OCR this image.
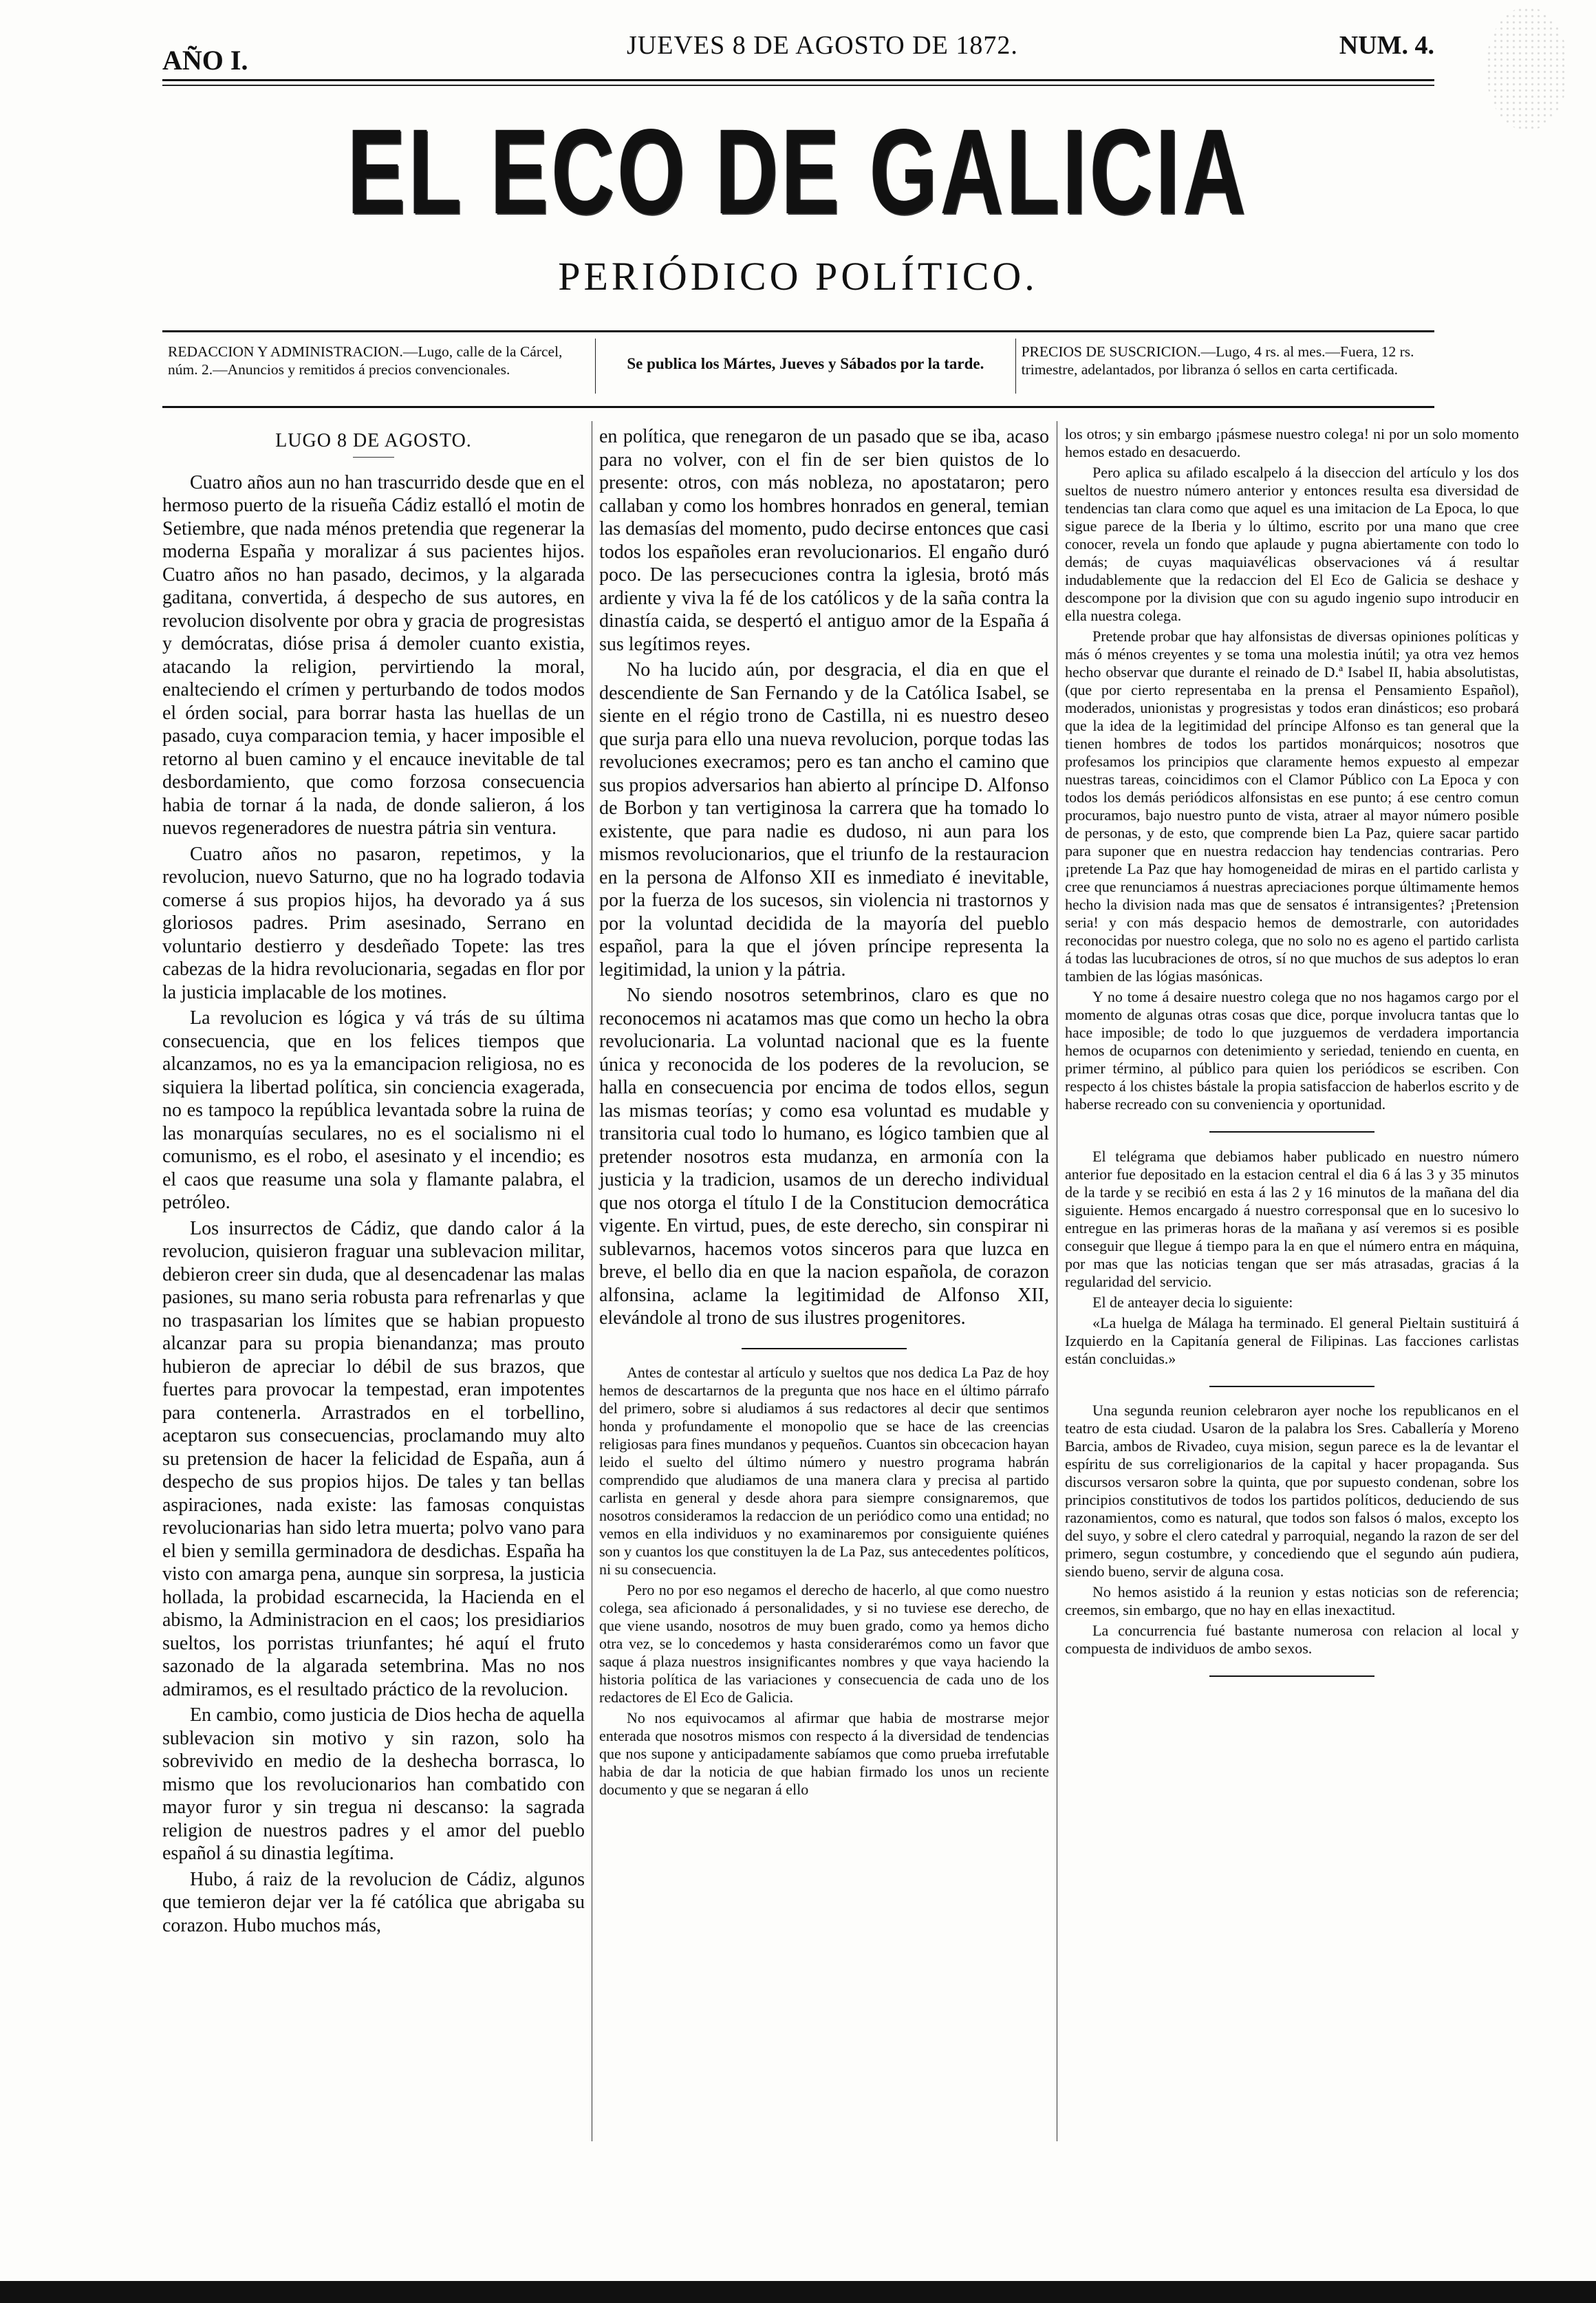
AÑO I.	JUEVES 8 DE AGOSTO DE 1872.	NUM. 4.
EL ECO DE GALICIA
PERIÓDICO POLÍTICO.
REDACCION Y ADMINISTRACION.—Lugo, calle de la Cárcel, núm. 2.—Anuncios y remitidos á precios convencionales.	Se publica los Mártes, Jueves y Sábados por la tarde.
PRECIOS DE SUSCRICION.—Lugo, 4 rs. al mes.—Fuera, 12 rs. trimestre, adelantados, por libranza ó sellos en carta certificada.
LUGO 8 DE AGOSTO.

Cuatro años aun no han trascurrido desde que en el hermoso puerto de la risueña Cádiz estalló el motin de Setiembre, que nada ménos pretendia que regenerar la moderna España y moralizar á sus pacientes hijos. Cuatro años no han pasado, decimos, y la algarada gaditana, convertida, á despecho de sus autores, en revolucion disolvente por obra y gracia de progresistas y demócratas, dióse prisa á demoler cuanto existia, atacando la religion, pervirtiendo la moral, enalteciendo el crímen y perturbando de todos modos el órden social, para borrar hasta las huellas de un pasado, cuya comparacion temia, y hacer imposible el retorno al buen camino y el encauce inevitable de tal desbordamiento, que como forzosa consecuencia habia de tornar á la nada, de donde salieron, á los nuevos regeneradores de nuestra pátria sin ventura.

Cuatro años no pasaron, repetimos, y la revolucion, nuevo Saturno, que no ha logrado todavia comerse á sus propios hijos, ha devorado ya á sus gloriosos padres. Prim asesinado, Serrano en voluntario destierro y desdeñado Topete: las tres cabezas de la hidra revolucionaria, segadas en flor por la justicia implacable de los motines.

La revolucion es lógica y vá trás de su última consecuencia, que en los felices tiempos que alcanzamos, no es ya la emancipacion religiosa, no es siquiera la libertad política, sin conciencia exagerada, no es tampoco la república levantada sobre la ruina de las monarquías seculares, no es el socialismo ni el comunismo, es el robo, el asesinato y el incendio; es el caos que reasume una sola y flamante palabra, el petróleo.

Los insurrectos de Cádiz, que dando calor á la revolucion, quisieron fraguar una sublevacion militar, debieron creer sin duda, que al desencadenar las malas pasiones, su mano seria robusta para refrenarlas y que no traspasarian los límites que se habian propuesto alcanzar para su propia bienandanza; mas prouto hubieron de apreciar lo débil de sus brazos, que fuertes para provocar la tempestad, eran impotentes para contenerla. Arrastrados en el torbellino, aceptaron sus consecuencias, proclamando muy alto su pretension de hacer la felicidad de España, aun á despecho de sus propios hijos. De tales y tan bellas aspiraciones, nada existe: las famosas conquistas revolucionarias han sido letra muerta; polvo vano para el bien y semilla germinadora de desdichas. España ha visto con amarga pena, aunque sin sorpresa, la justicia hollada, la probidad escarnecida, la Hacienda en el abismo, la Administracion en el caos; los presidiarios sueltos, los porristas triunfantes; hé aquí el fruto sazonado de la algarada setembrina. Mas no nos admiramos, es el resultado práctico de la revolucion.

En cambio, como justicia de Dios hecha de aquella sublevacion sin motivo y sin razon, solo ha sobrevivido en medio de la deshecha borrasca, lo mismo que los revolucionarios han combatido con mayor furor y sin tregua ni descanso: la sagrada religion de nuestros padres y el amor del pueblo español á su dinastia legítima.

Hubo, á raiz de la revolucion de Cádiz, algunos que temieron dejar ver la fé católica que abrigaba su corazon. Hubo muchos más,

en política, que renegaron de un pasado que se iba, acaso para no volver, con el fin de ser bien quistos de lo presente: otros, con más nobleza, no apostataron; pero callaban y como los hombres honrados en general, temian las demasías del momento, pudo decirse entonces que casi todos los españoles eran revolucionarios. El engaño duró poco. De las persecuciones contra la iglesia, brotó más ardiente y viva la fé de los católicos y de la saña contra la dinastía caida, se despertó el antiguo amor de la España á sus legítimos reyes.

No ha lucido aún, por desgracia, el dia en que el descendiente de San Fernando y de la Católica Isabel, se siente en el régio trono de Castilla, ni es nuestro deseo que surja para ello una nueva revolucion, porque todas las revoluciones execramos; pero es tan ancho el camino que sus propios adversarios han abierto al príncipe D. Alfonso de Borbon y tan vertiginosa la carrera que ha tomado lo existente, que para nadie es dudoso, ni aun para los mismos revolucionarios, que el triunfo de la restauracion en la persona de Alfonso XII es inmediato é inevitable, por la fuerza de los sucesos, sin violencia ni trastornos y por la voluntad decidida de la mayoría del pueblo español, para la que el jóven príncipe representa la legitimidad, la union y la pátria.

No siendo nosotros setembrinos, claro es que no reconocemos ni acatamos mas que como un hecho la obra revolucionaria. La voluntad nacional que es la fuente única y reconocida de los poderes de la revolucion, se halla en consecuencia por encima de todos ellos, segun las mismas teorías; y como esa voluntad es mudable y transitoria cual todo lo humano, es lógico tambien que al pretender nosotros esta mudanza, en armonía con la justicia y la tradicion, usamos de un derecho individual que nos otorga el título I de la Constitucion democrática vigente. En virtud, pues, de este derecho, sin conspirar ni sublevarnos, hacemos votos sinceros para que luzca en breve, el bello dia en que la nacion española, de corazon alfonsina, aclame la legitimidad de Alfonso XII, elevándole al trono de sus ilustres progenitores.

Antes de contestar al artículo y sueltos que nos dedica La Paz de hoy hemos de descartarnos de la pregunta que nos hace en el último párrafo del primero, sobre si aludiamos á sus redactores al decir que sentimos honda y profundamente el monopolio que se hace de las creencias religiosas para fines mundanos y pequeños. Cuantos sin obcecacion hayan leido el suelto del último número y nuestro programa habrán comprendido que aludiamos de una manera clara y precisa al partido carlista en general y desde ahora para siempre consignaremos, que nosotros consideramos la redaccion de un periódico como una entidad; no vemos en ella individuos y no examinaremos por consiguiente quiénes son y cuantos los que constituyen la de La Paz, sus antecedentes políticos, ni su consecuencia.

Pero no por eso negamos el derecho de hacerlo, al que como nuestro colega, sea aficionado á personalidades, y si no tuviese ese derecho, de que viene usando, nosotros de muy buen grado, como ya hemos dicho otra vez, se lo concedemos y hasta considerarémos como un favor que saque á plaza nuestros insignificantes nombres y que vaya haciendo la historia política de las variaciones y consecuencia de cada uno de los redactores de El Eco de Galicia.

No nos equivocamos al afirmar que habia de mostrarse mejor enterada que nosotros mismos con respecto á la diversidad de tendencias que nos supone y anticipadamente sabíamos que como prueba irrefutable habia de dar la noticia de que habian firmado los unos un reciente documento y que se negaran á ello

los otros; y sin embargo ¡pásmese nuestro colega! ni por un solo momento hemos estado en desacuerdo.

Pero aplica su afilado escalpelo á la diseccion del artículo y los dos sueltos de nuestro número anterior y entonces resulta esa diversidad de tendencias tan clara como que aquel es una imitacion de La Epoca, lo que sigue parece de la Iberia y lo último, escrito por una mano que cree conocer, revela un fondo que aplaude y pugna abiertamente con todo lo demás; de cuyas maquiavélicas observaciones vá á resultar indudablemente que la redaccion del El Eco de Galicia se deshace y descompone por la division que con su agudo ingenio supo introducir en ella nuestra colega.

Pretende probar que hay alfonsistas de diversas opiniones políticas y más ó ménos creyentes y se toma una molestia inútil; ya otra vez hemos hecho observar que durante el reinado de D.ª Isabel II, habia absolutistas, (que por cierto representaba en la prensa el Pensamiento Español), moderados, unionistas y progresistas y todos eran dinásticos; eso probará que la idea de la legitimidad del príncipe Alfonso es tan general que la tienen hombres de todos los partidos monárquicos; nosotros que profesamos los principios que claramente hemos expuesto al empezar nuestras tareas, coincidimos con el Clamor Público con La Epoca y con todos los demás periódicos alfonsistas en ese punto; á ese centro comun procuramos, bajo nuestro punto de vista, atraer al mayor número posible de personas, y de esto, que comprende bien La Paz, quiere sacar partido para suponer que en nuestra redaccion hay tendencias contrarias. Pero ¡pretende La Paz que hay homogeneidad de miras en el partido carlista y cree que renunciamos á nuestras apreciaciones porque últimamente hemos hecho la division nada mas que de sensatos é intransigentes? ¡Pretension seria! y con más despacio hemos de demostrarle, con autoridades reconocidas por nuestro colega, que no solo no es ageno el partido carlista á todas las lucubraciones de otros, sí no que muchos de sus adeptos lo eran tambien de las lógias masónicas.

Y no tome á desaire nuestro colega que no nos hagamos cargo por el momento de algunas otras cosas que dice, porque involucra tantas que lo hace imposible; de todo lo que juzguemos de verdadera importancia hemos de ocuparnos con detenimiento y seriedad, teniendo en cuenta, en primer término, al público para quien los periódicos se escriben. Con respecto á los chistes bástale la propia satisfaccion de haberlos escrito y de haberse recreado con su conveniencia y oportunidad.

El telégrama que debiamos haber publicado en nuestro número anterior fue depositado en la estacion central el dia 6 á las 3 y 35 minutos de la tarde y se recibió en esta á las 2 y 16 minutos de la mañana del dia siguiente. Hemos encargado á nuestro corresponsal que en lo sucesivo lo entregue en las primeras horas de la mañana y así veremos si es posible conseguir que llegue á tiempo para la en que el número entra en máquina, por mas que las noticias tengan que ser más atrasadas, gracias á la regularidad del servicio.

El de anteayer decia lo siguiente:

«La huelga de Málaga ha terminado. El general Pieltain sustituirá á Izquierdo en la Capitanía general de Filipinas. Las facciones carlistas están concluidas.»

Una segunda reunion celebraron ayer noche los republicanos en el teatro de esta ciudad. Usaron de la palabra los Sres. Caballería y Moreno Barcia, ambos de Rivadeo, cuya mision, segun parece es la de levantar el espíritu de sus correligionarios de la capital y hacer propaganda. Sus discursos versaron sobre la quinta, que por supuesto condenan, sobre los principios constitutivos de todos los partidos políticos, deduciendo de sus razonamientos, como es natural, que todos son falsos ó malos, excepto los del suyo, y sobre el clero catedral y parroquial, negando la razon de ser del primero, segun costumbre, y concediendo que el segundo aún pudiera, siendo bueno, servir de alguna cosa.

No hemos asistido á la reunion y estas noticias son de referencia; creemos, sin embargo, que no hay en ellas inexactitud.

La concurrencia fué bastante numerosa con relacion al local y compuesta de individuos de ambo sexos.
